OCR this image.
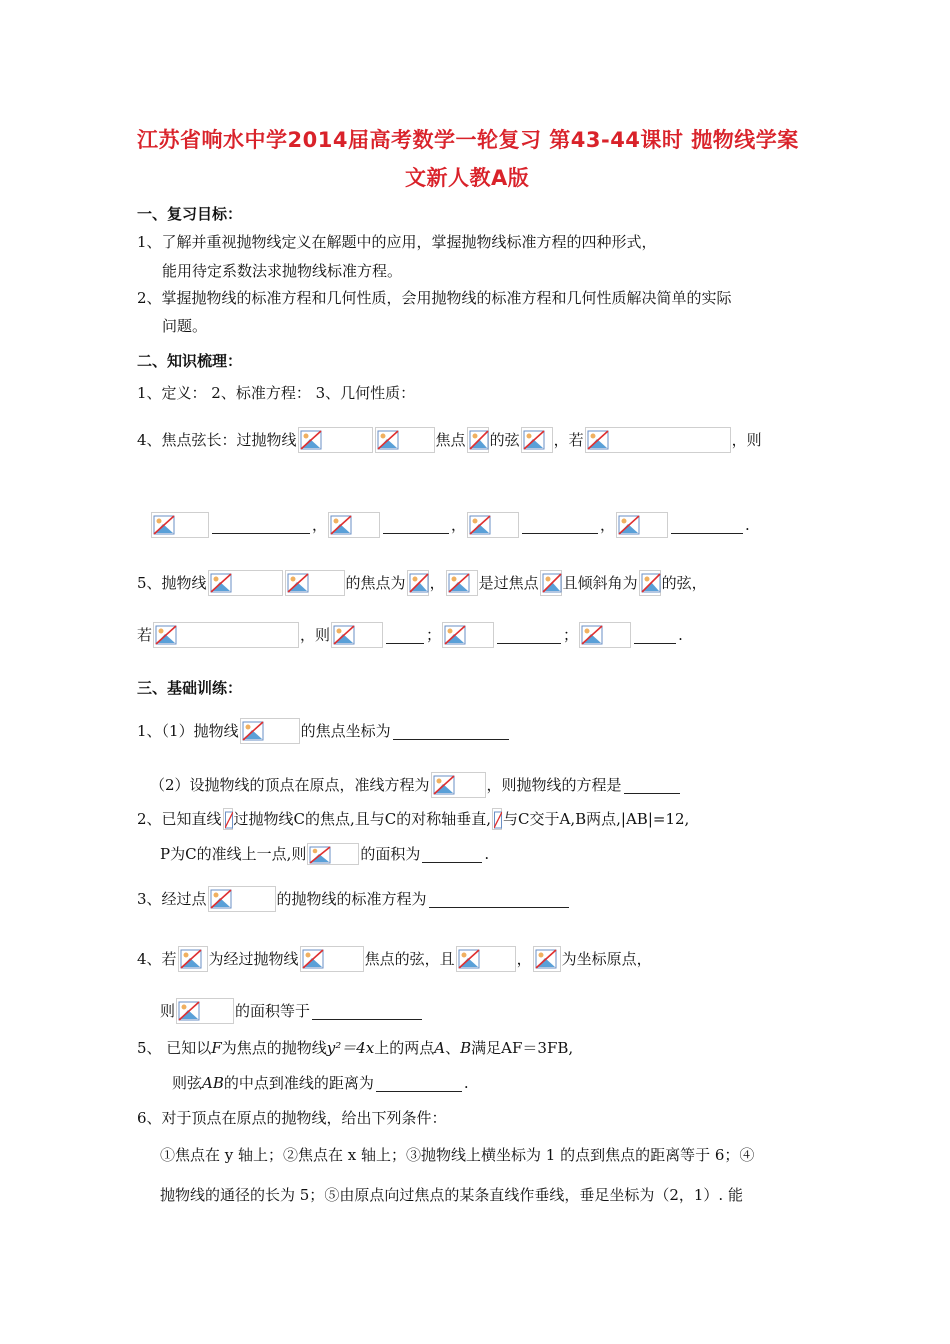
江苏省响水中学2014届高考数学一轮复习 第43-44课时 抛物线学案
文新人教A版
一、复习目标：
1、了解并重视抛物线定义在解题中的应用，掌握抛物线标准方程的四种形式，
能用待定系数法求抛物线标准方程。
2、掌握抛物线的标准方程和几何性质，会用抛物线的标准方程和几何性质解决简单的实际
问题。
二、知识梳理：
1、定义： 2、标准方程： 3、几何性质：
4、焦点弦长：过抛物线	焦点 的弦 ，若	，则
，	，	，	.
5、抛物线	的焦点为 ， 是过焦点 且倾斜角为 的弦，
若	，则	；	；	.
三、基础训练：
1、（1）抛物线	的焦点坐标为
（2）设抛物线的顶点在原点，准线方程为	，则抛物线的方程是
2、已知直线 过抛物线C的焦点,且与C的对称轴垂直, 与C交于A,B两点,|AB|=12,
P为C的准线上一点,则	的面积为	.
3、经过点	的抛物线的标准方程为
4、若 为经过抛物线	焦点的弦，且	， 为坐标原点，
则	的面积等于
5、 已知以F为焦点的抛物线y²＝4x上的两点A、B满足AF＝3FB,
则弦AB的中点到准线的距离为	.
6、对于顶点在原点的抛物线，给出下列条件：
①焦点在 y 轴上；②焦点在 x 轴上；③抛物线上横坐标为 1 的点到焦点的距离等于 6；④
抛物线的通径的长为 5；⑤由原点向过焦点的某条直线作垂线，垂足坐标为（2，1）. 能
